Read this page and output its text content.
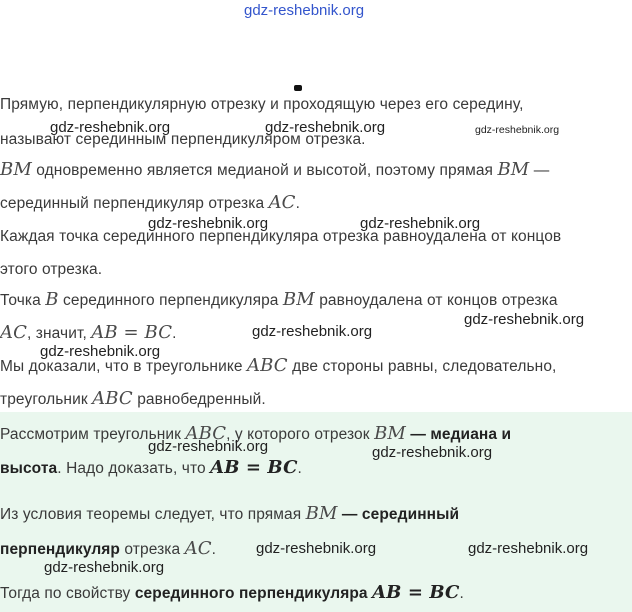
gdz-reshebnik.org
Прямую, перпендикулярную отрезку и проходящую через его середину,
называют серединным перпендикуляром отрезка.
BM одновременно является медианой и высотой, поэтому прямая BM —
серединный перпендикуляр отрезка AC.
Каждая точка серединного перпендикуляра отрезка равноудалена от концов
этого отрезка.
Точка B серединного перпендикуляра BM равноудалена от концов отрезка
AC, значит, AB = BC.
Мы доказали, что в треугольнике ABC две стороны равны, следовательно,
треугольник ABC равнобедренный.
Рассмотрим треугольник ABC, у которого отрезок BM — медиана и
высота. Надо доказать, что AB = BC.
Из условия теоремы следует, что прямая BM — серединный
перпендикуляр отрезка AC.
Тогда по свойству серединного перпендикуляра AB = BC.
gdz-reshebnik.org	gdz-reshebnik.org	gdz-reshebnik.org
gdz-reshebnik.org	gdz-reshebnik.org
gdz-reshebnik.org
gdz-reshebnik.org
gdz-reshebnik.org
gdz-reshebnik.org	gdz-reshebnik.org
gdz-reshebnik.org	gdz-reshebnik.org
gdz-reshebnik.org
